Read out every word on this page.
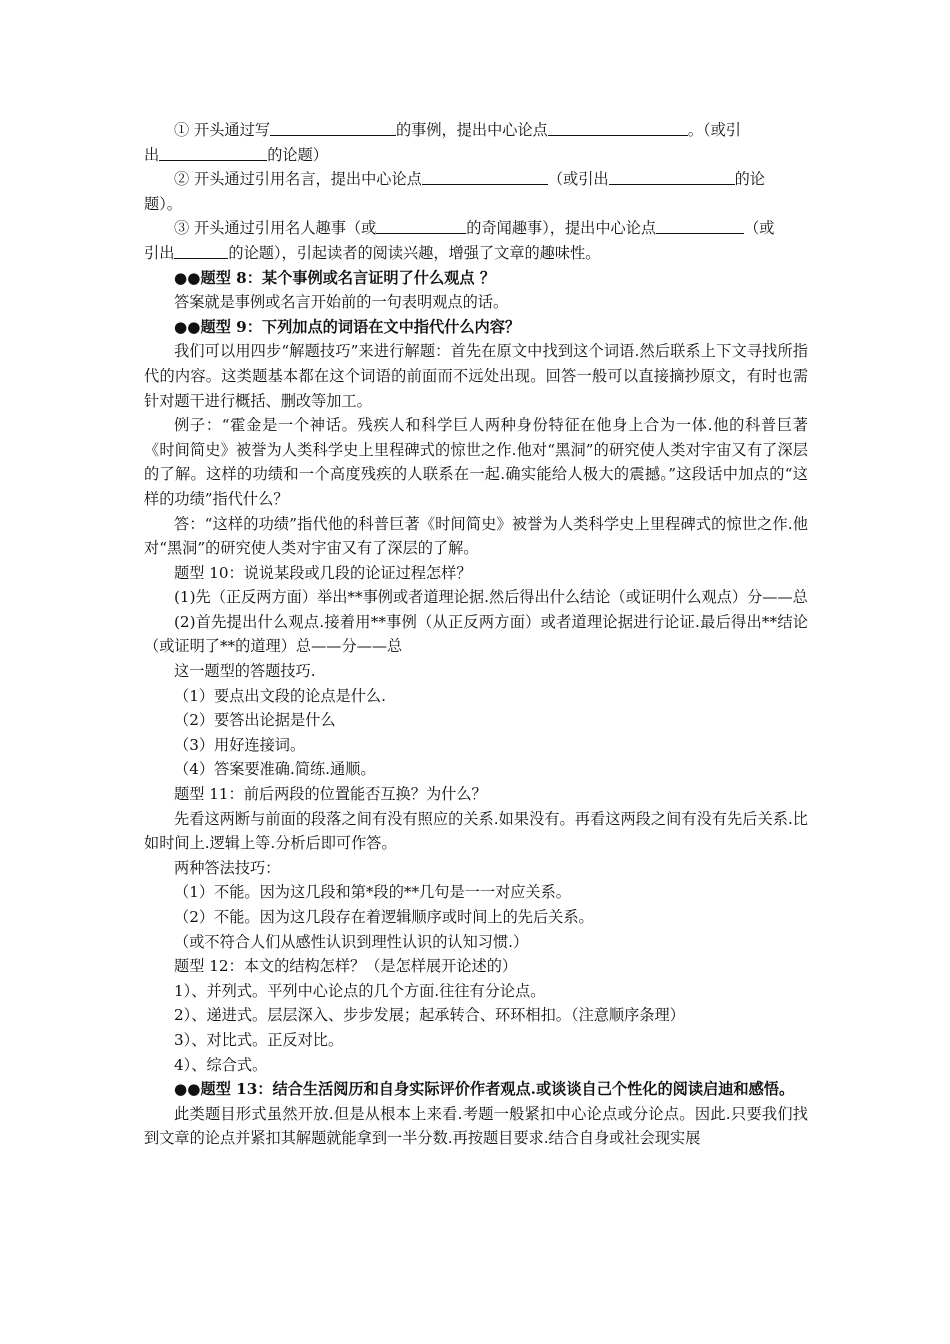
① 开头通过写	的事例，提出中心论点	。（或引

出	的论题）

② 开头通过引用名言，提出中心论点	（或引出	的论

题）。

③ 开头通过引用名人趣事（或	的奇闻趣事），提出中心论点	（或

引出	的论题），引起读者的阅读兴趣，增强了文章的趣味性。

●●题型 8：某个事例或名言证明了什么观点 ？

答案就是事例或名言开始前的一句表明观点的话。

●●题型 9：下列加点的词语在文中指代什么内容？

我们可以用四步“解题技巧”来进行解题：首先在原文中找到这个词语.然后联系上下文寻找所指代的内容。这类题基本都在这个词语的前面而不远处出现。回答一般可以直接摘抄原文，有时也需针对题干进行概括、删改等加工。

例子：“霍金是一个神话。残疾人和科学巨人两种身份特征在他身上合为一体.他的科普巨著《时间简史》被誉为人类科学史上里程碑式的惊世之作.他对“黑洞”的研究使人类对宇宙又有了深层的了解。这样的功绩和一个高度残疾的人联系在一起.确实能给人极大的震撼。”这段话中加点的“这样的功绩”指代什么？

答：“这样的功绩”指代他的科普巨著《时间简史》被誉为人类科学史上里程碑式的惊世之作.他对“黑洞”的研究使人类对宇宙又有了深层的了解。

题型 10：说说某段或几段的论证过程怎样？

(1)先（正反两方面）举出**事例或者道理论据.然后得出什么结论（或证明什么观点）分——总

(2)首先提出什么观点.接着用**事例（从正反两方面）或者道理论据进行论证.最后得出**结论（或证明了**的道理）总——分——总

这一题型的答题技巧.

（1）要点出文段的论点是什么.

（2）要答出论据是什么

（3）用好连接词。

（4）答案要准确.简练.通顺。

题型 11：前后两段的位置能否互换？为什么？

先看这两断与前面的段落之间有没有照应的关系.如果没有。再看这两段之间有没有先后关系.比如时间上.逻辑上等.分析后即可作答。

两种答法技巧：

（1）不能。因为这几段和第*段的**几句是一一对应关系。

（2）不能。因为这几段存在着逻辑顺序或时间上的先后关系。

（或不符合人们从感性认识到理性认识的认知习惯.）

题型 12：本文的结构怎样？（是怎样展开论述的）

1）、并列式。平列中心论点的几个方面.往往有分论点。

2）、递进式。层层深入、步步发展；起承转合、环环相扣。（注意顺序条理）

3）、对比式。正反对比。

4）、综合式。

●●题型 13：结合生活阅历和自身实际评价作者观点.或谈谈自己个性化的阅读启迪和感悟。

此类题目形式虽然开放.但是从根本上来看.考题一般紧扣中心论点或分论点。因此.只要我们找到文章的论点并紧扣其解题就能拿到一半分数.再按题目要求.结合自身或社会现实展
